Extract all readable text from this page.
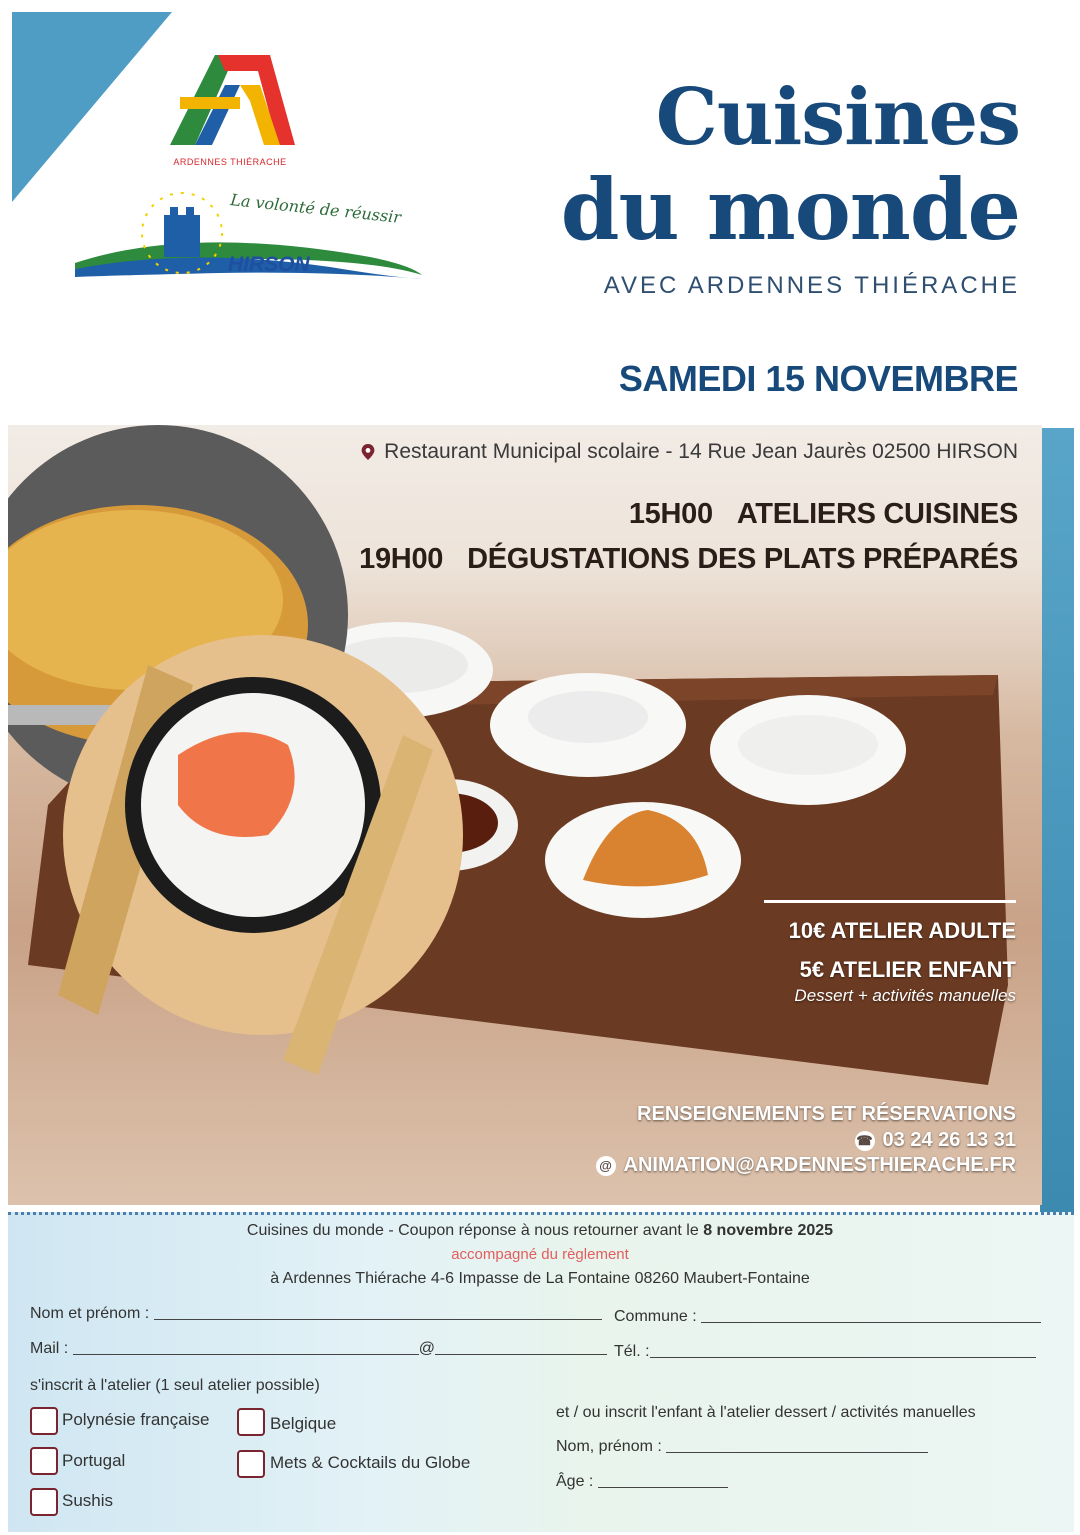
ARDENNES THIÉRACHE
La volonté de réussir
HIRSON
Cuisines
du monde
AVEC ARDENNES THIÉRACHE
SAMEDI 15 NOVEMBRE
Restaurant Municipal scolaire - 14 Rue Jean Jaurès 02500 HIRSON
15H00 ATELIERS CUISINES
19H00 DÉGUSTATIONS DES PLATS PRÉPARÉS
10€ ATELIER ADULTE
5€ ATELIER ENFANT
Dessert + activités manuelles
RENSEIGNEMENTS ET RÉSERVATIONS
☎ 03 24 26 13 31
@ ANIMATION@ARDENNESTHIERACHE.FR
Cuisines du monde - Coupon réponse à nous retourner avant le 8 novembre 2025
accompagné du règlement
à Ardennes Thiérache 4-6 Impasse de La Fontaine 08260 Maubert-Fontaine
Nom et prénom :	Commune :
Mail :	@	Tél. :
s'inscrit à l'atelier (1 seul atelier possible)
Polynésie française	Belgique
Portugal	Mets & Cocktails du Globe
Sushis
et / ou inscrit l'enfant à l'atelier dessert / activités manuelles
Nom, prénom :
Âge :
